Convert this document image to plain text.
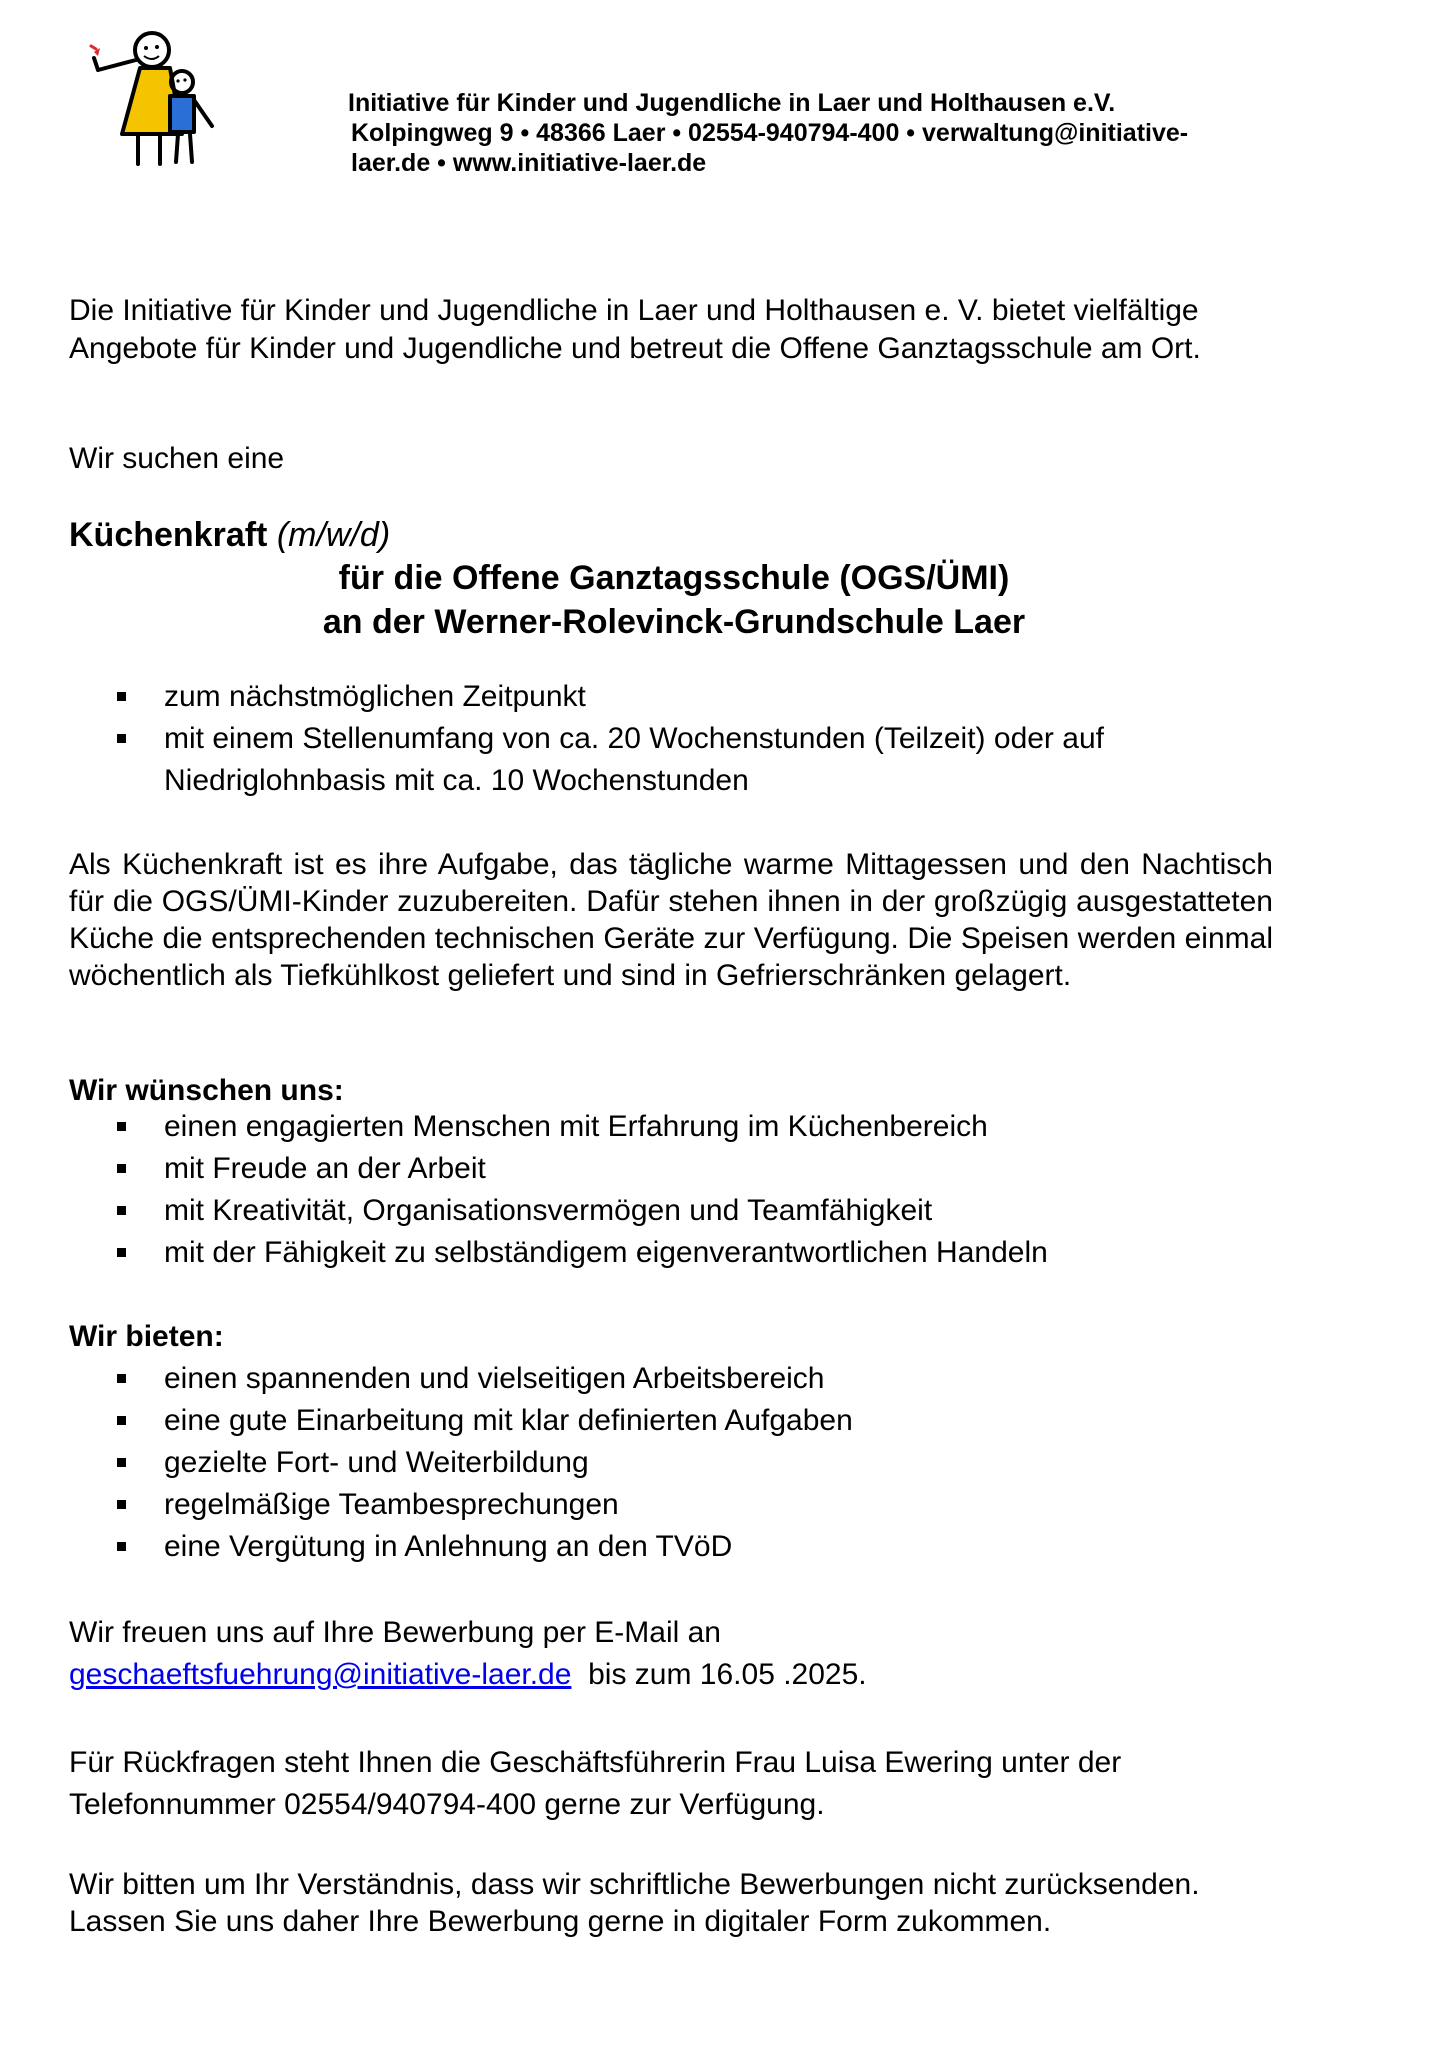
Initiative für Kinder und Jugendliche in Laer und Holthausen e.V.
Kolpingweg 9 • 48366 Laer • 02554-940794-400 • verwaltung@initiative-
laer.de • www.initiative-laer.de
Die Initiative für Kinder und Jugendliche in Laer und Holthausen e. V. bietet vielfältige Angebote für Kinder und Jugendliche und betreut die Offene Ganztagsschule am Ort.
Wir suchen eine
Küchenkraft (m/w/d)
für die Offene Ganztagsschule (OGS/ÜMI)
an der Werner-Rolevinck-Grundschule Laer
zum nächstmöglichen Zeitpunkt
mit einem Stellenumfang von ca. 20 Wochenstunden (Teilzeit) oder auf Niedriglohnbasis mit ca. 10 Wochenstunden
Als Küchenkraft ist es ihre Aufgabe, das tägliche warme Mittagessen und den Nachtisch für die OGS/ÜMI-Kinder zuzubereiten. Dafür stehen ihnen in der großzügig ausgestatteten Küche die entsprechenden technischen Geräte zur Verfügung. Die Speisen werden einmal wöchentlich als Tiefkühlkost geliefert und sind in Gefrierschränken gelagert.
Wir wünschen uns:
einen engagierten Menschen mit Erfahrung im Küchenbereich
mit Freude an der Arbeit
mit Kreativität, Organisationsvermögen und Teamfähigkeit
mit der Fähigkeit zu selbständigem eigenverantwortlichen Handeln
Wir bieten:
einen spannenden und vielseitigen Arbeitsbereich
eine gute Einarbeitung mit klar definierten Aufgaben
gezielte Fort- und Weiterbildung
regelmäßige Teambesprechungen
eine Vergütung in Anlehnung an den TVöD
Wir freuen uns auf Ihre Bewerbung per E-Mail an
geschaeftsfuehrung@initiative-laer.de bis zum 16.05 .2025.
Für Rückfragen steht Ihnen die Geschäftsführerin Frau Luisa Ewering unter der
Telefonnummer 02554/940794-400 gerne zur Verfügung.
Wir bitten um Ihr Verständnis, dass wir schriftliche Bewerbungen nicht zurücksenden.
Lassen Sie uns daher Ihre Bewerbung gerne in digitaler Form zukommen.
